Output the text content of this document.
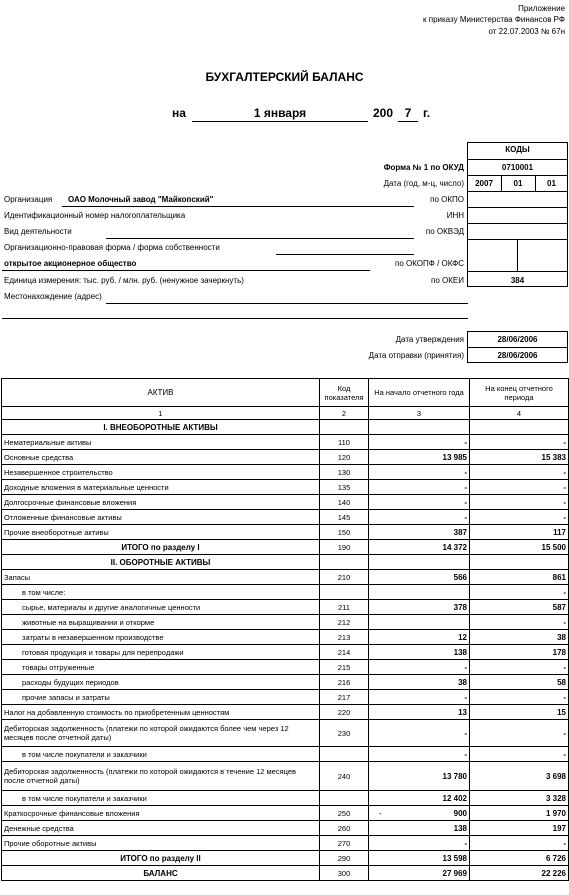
Приложение
к приказу Министерства Финансов РФ
от 22.07.2003 № 67н
БУХГАЛТЕРСКИЙ БАЛАНС
на	1 января	200 7 г.
КОДЫ
Форма № 1 по ОКУД	0710001
Дата (год, м-ц, число)	2007	01	01
Организация ОАО Молочный завод "Майкопский"	по ОКПО
Идентификационный номер налогоплательщика	ИНН
Вид деятельности	по ОКВЭД
Организационно-правовая форма / форма собственности
открытое акционерное общество	по ОКОПФ / ОКФС
Единица измерения: тыс. руб. / млн. руб. (ненужное зачеркнуть)	по ОКЕИ	384
Местонахождение (адрес)
Дата утверждения	28/06/2006
Дата отправки (принятия)	28/06/2006
АКТИВ	Код показателя	На начало отчетного года	На конец отчетного периода
1	2	3	4
I. ВНЕОБОРОТНЫЕ АКТИВЫ			
Нематериальные активы	110	-	-
Основные средства	120	13 985	15 383
Незавершенное строительство	130	-	-
Доходные вложения в материальные ценности	135	-	-
Долгосрочные финансовые вложения	140	-	-
Отложенные финансовые активы	145	-	-
Прочие внеоборотные активы	150	387	117
ИТОГО по разделу I	190	14 372	15 500
II. ОБОРОТНЫЕ АКТИВЫ			
Запасы	210	566	861
в том числе:			-
сырье, материалы и другие аналогичные ценности	211	378	587
животные на выращивании и откорме	212		-
затраты в незавершенном производстве	213	12	38
готовая продукция и товары для перепродажи	214	138	178
товары отгруженные	215	-	-
расходы будущих периодов	216	38	58
прочие запасы и затраты	217	-	-
Налог на добавленную стоимость по приобретенным ценностям	220	13	15
Дебиторская задолженность (платежи по которой ожидаются более чем через 12 месяцев после отчетной даты)	230	-	-
в том числе покупатели и заказчики		-	-
Дебиторская задолженность (платежи по которой ожидаются в течение 12 месяцев после отчетной даты)	240	13 780	3 698
в том числе покупатели и заказчики		12 402	3 328
Краткосрочные финансовые вложения	250	- 900	1 970
Денежные средства	260	138	197
Прочие оборотные активы	270	-	-
ИТОГО по разделу II	290	13 598	6 726
БАЛАНС	300	27 969	22 226
